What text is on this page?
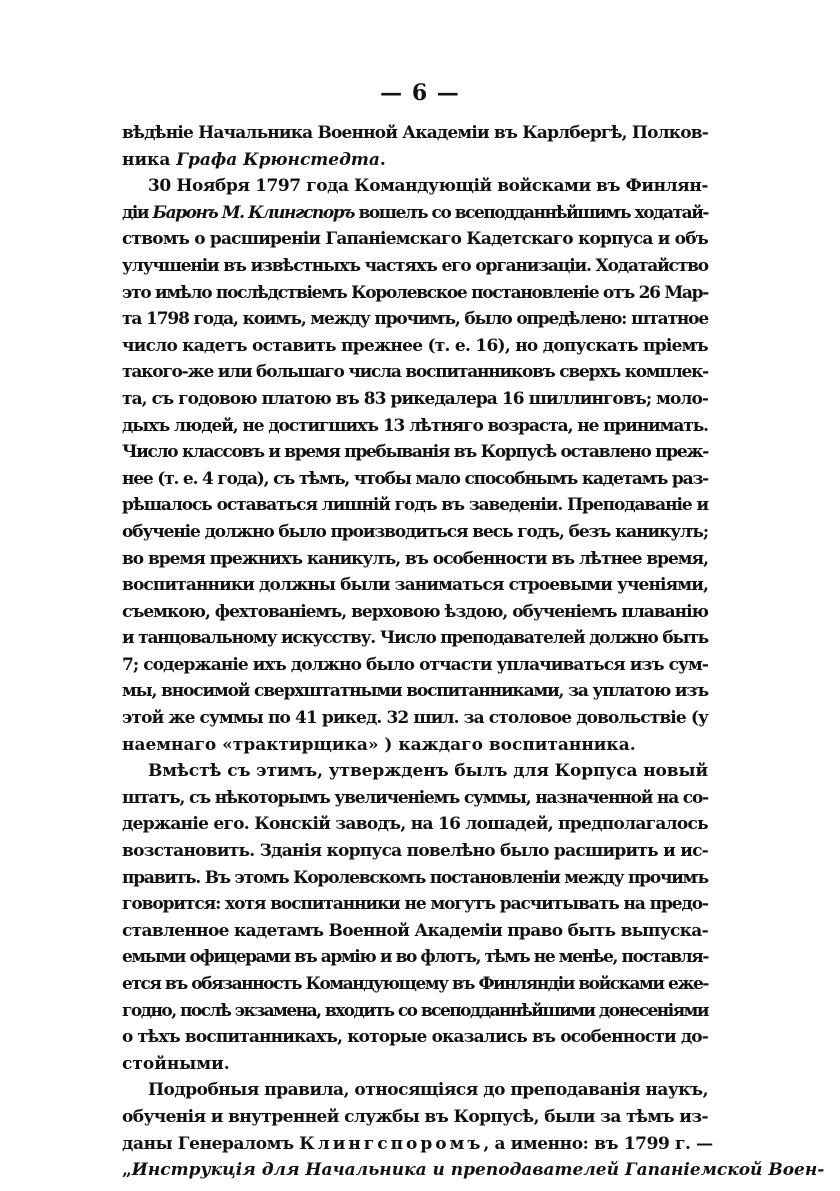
— 6 —
вѣдѣніе Начальника Военной Академіи въ Карлбергѣ, Полков-
ника Графа Крюнстедта.
30 Ноября 1797 года Командующій войсками въ Финлян-
діи Баронъ М. Клингспоръ вошелъ со всеподданнѣйшимъ ходатай-
ствомъ о расширеніи Гапаніемскаго Кадетскаго корпуса и объ
улучшеніи въ извѣстныхъ частяхъ его организаціи. Ходатайство
это имѣло послѣдствіемъ Королевское постановленіе отъ 26 Мар-
та 1798 года, коимъ, между прочимъ, было опредѣлено: штатное
число кадетъ оставить прежнее (т. е. 16), но допускать пріемъ
такого-же или большаго числа воспитанниковъ сверхъ комплек-
та, съ годовою платою въ 83 рикедалера 16 шиллинговъ; моло-
дыхъ людей, не достигшихъ 13 лѣтняго возраста, не принимать.
Число классовъ и время пребыванія въ Корпусѣ оставлено преж-
нее (т. е. 4 года), съ тѣмъ, чтобы мало способнымъ кадетамъ раз-
рѣшалось оставаться лишній годъ въ заведеніи. Преподаваніе и
обученіе должно было производиться весь годъ, безъ каникулъ;
во время прежнихъ каникулъ, въ особенности въ лѣтнее время,
воспитанники должны были заниматься строевыми ученіями,
съемкою, фехтованіемъ, верховою ѣздою, обученіемъ плаванію
и танцовальному искусству. Число преподавателей должно быть
7; содержаніе ихъ должно было отчасти уплачиваться изъ сум-
мы, вносимой сверхштатными воспитанниками, за уплатою изъ
этой же суммы по 41 рикед. 32 шил. за столовое довольствіе (у
наемнаго «трактирщика» ) каждаго воспитанника.
Вмѣстѣ съ этимъ, утвержденъ былъ для Корпуса новый
штатъ, съ нѣкоторымъ увеличеніемъ суммы, назначенной на со-
держаніе его. Конскій заводъ, на 16 лошадей, предполагалось
возстановить. Зданія корпуса повелѣно было расширить и ис-
править. Въ этомъ Королевскомъ постановленіи между прочимъ
говорится: хотя воспитанники не могутъ расчитывать на предо-
ставленное кадетамъ Военной Академіи право быть выпуска-
емыми офицерами въ армію и во флотъ, тѣмъ не менѣе, поставля-
ется въ обязанность Командующему въ Финляндіи войсками еже-
годно, послѣ экзамена, входить со всеподданнѣйшими донесеніями
о тѣхъ воспитанникахъ, которые оказались въ особенности до-
стойными.
Подробныя правила, относящіяся до преподаванія наукъ,
обученія и внутренней службы въ Корпусѣ, были за тѣмъ из-
даны Генераломъ Клингспоромъ, а именно: въ 1799 г. —
„Инструкція для Начальника и преподавателей Гапаніемской Воен-
